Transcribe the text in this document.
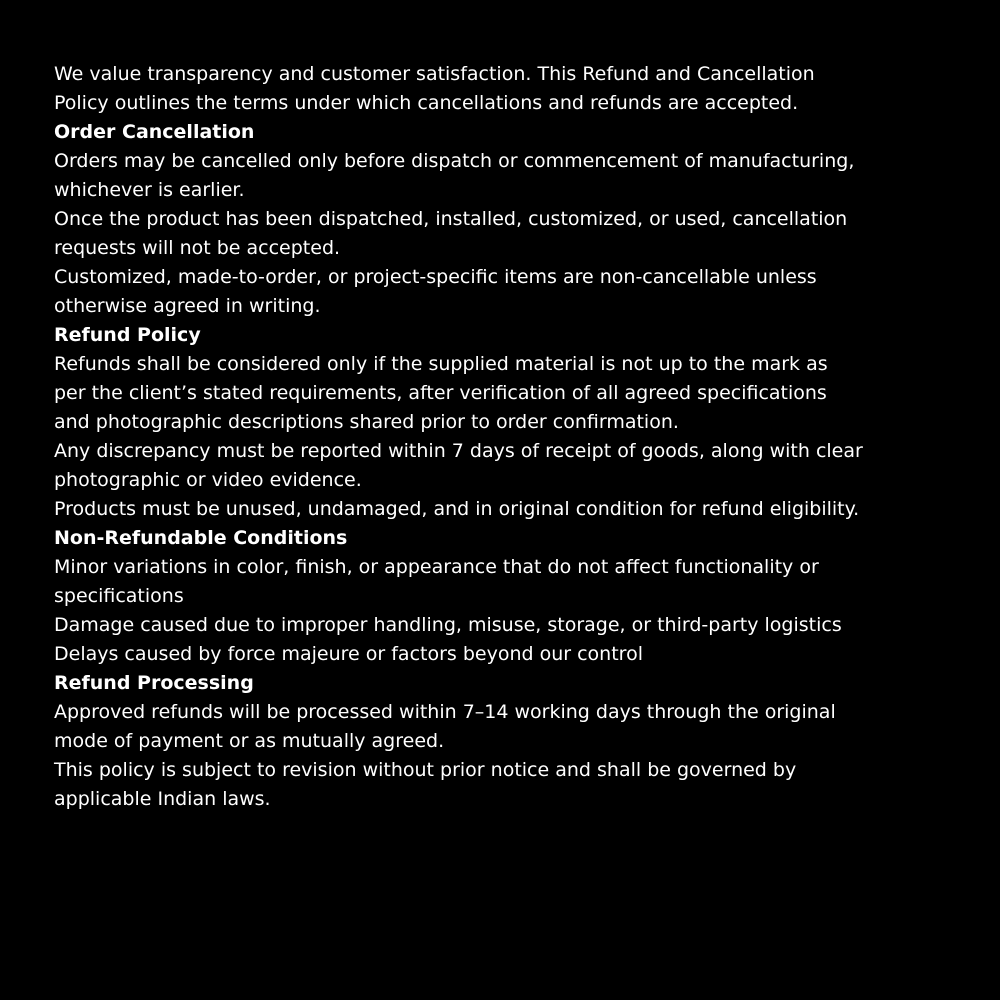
We value transparency and customer satisfaction. This Refund and Cancellation Policy outlines the terms under which cancellations and refunds are accepted.

Order Cancellation

Orders may be cancelled only before dispatch or commencement of manufacturing, whichever is earlier.

Once the product has been dispatched, installed, customized, or used, cancellation requests will not be accepted.

Customized, made-to-order, or project-specific items are non-cancellable unless otherwise agreed in writing.

Refund Policy

Refunds shall be considered only if the supplied material is not up to the mark as per the client’s stated requirements, after verification of all agreed specifications and photographic descriptions shared prior to order confirmation.

Any discrepancy must be reported within 7 days of receipt of goods, along with clear photographic or video evidence.

Products must be unused, undamaged, and in original condition for refund eligibility.

Non-Refundable Conditions

Minor variations in color, finish, or appearance that do not affect functionality or specifications

Damage caused due to improper handling, misuse, storage, or third-party logistics

Delays caused by force majeure or factors beyond our control

Refund Processing

Approved refunds will be processed within 7–14 working days through the original mode of payment or as mutually agreed.

This policy is subject to revision without prior notice and shall be governed by applicable Indian laws.
